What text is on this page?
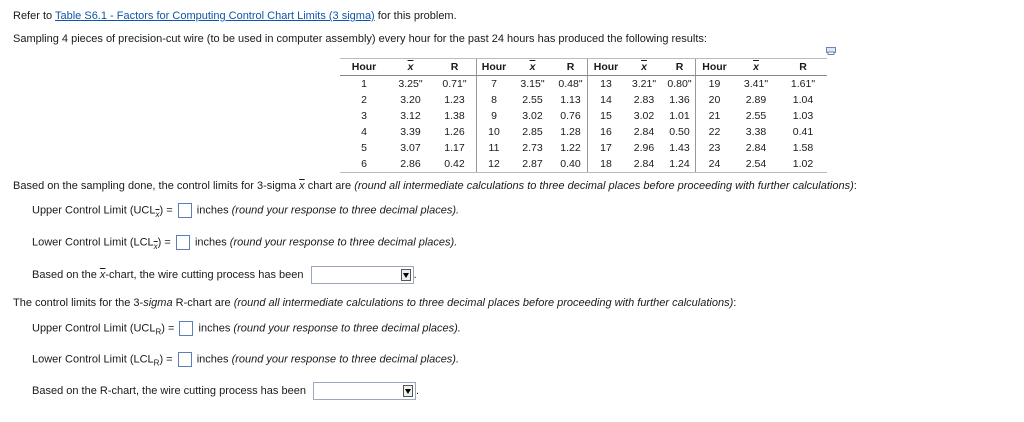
Refer to Table S6.1 - Factors for Computing Control Chart Limits (3 sigma) for this problem.
Sampling 4 pieces of precision-cut wire (to be used in computer assembly) every hour for the past 24 hours has produced the following results:
Hour	$\overline{x}$	R	Hour	$\overline{x}$	R	Hour	$\overline{x}$	R	Hour	$\overline{x}$	R
1	3.25"	0.71"	7	3.15"	0.48"	13	3.21"	0.80"	19	3.41"	1.61"
2	3.20	1.23	8	2.55	1.13	14	2.83	1.36	20	2.89	1.04
3	3.12	1.38	9	3.02	0.76	15	3.02	1.01	21	2.55	1.03
4	3.39	1.26	10	2.85	1.28	16	2.84	0.50	22	3.38	0.41
5	3.07	1.17	11	2.73	1.22	17	2.96	1.43	23	2.84	1.58
6	2.86	0.42	12	2.87	0.40	18	2.84	1.24	24	2.54	1.02
Based on the sampling done, the control limits for 3-sigma $\overline{x}$ chart are (round all intermediate calculations to three decimal places before proceeding with further calculations):
Upper Control Limit $(UCL_{\overline{x}})$ = inches (round your response to three decimal places).
Lower Control Limit $(LCL_{\overline{x}})$ = inches (round your response to three decimal places).
Based on the $\overline{x}$-chart, the wire cutting process has been	.
The control limits for the 3-sigma R-chart are (round all intermediate calculations to three decimal places before proceeding with further calculations):
Upper Control Limit $(UCL_R)$ = inches (round your response to three decimal places).
Lower Control Limit $(LCL_R)$ = inches (round your response to three decimal places).
Based on the R-chart, the wire cutting process has been	.
